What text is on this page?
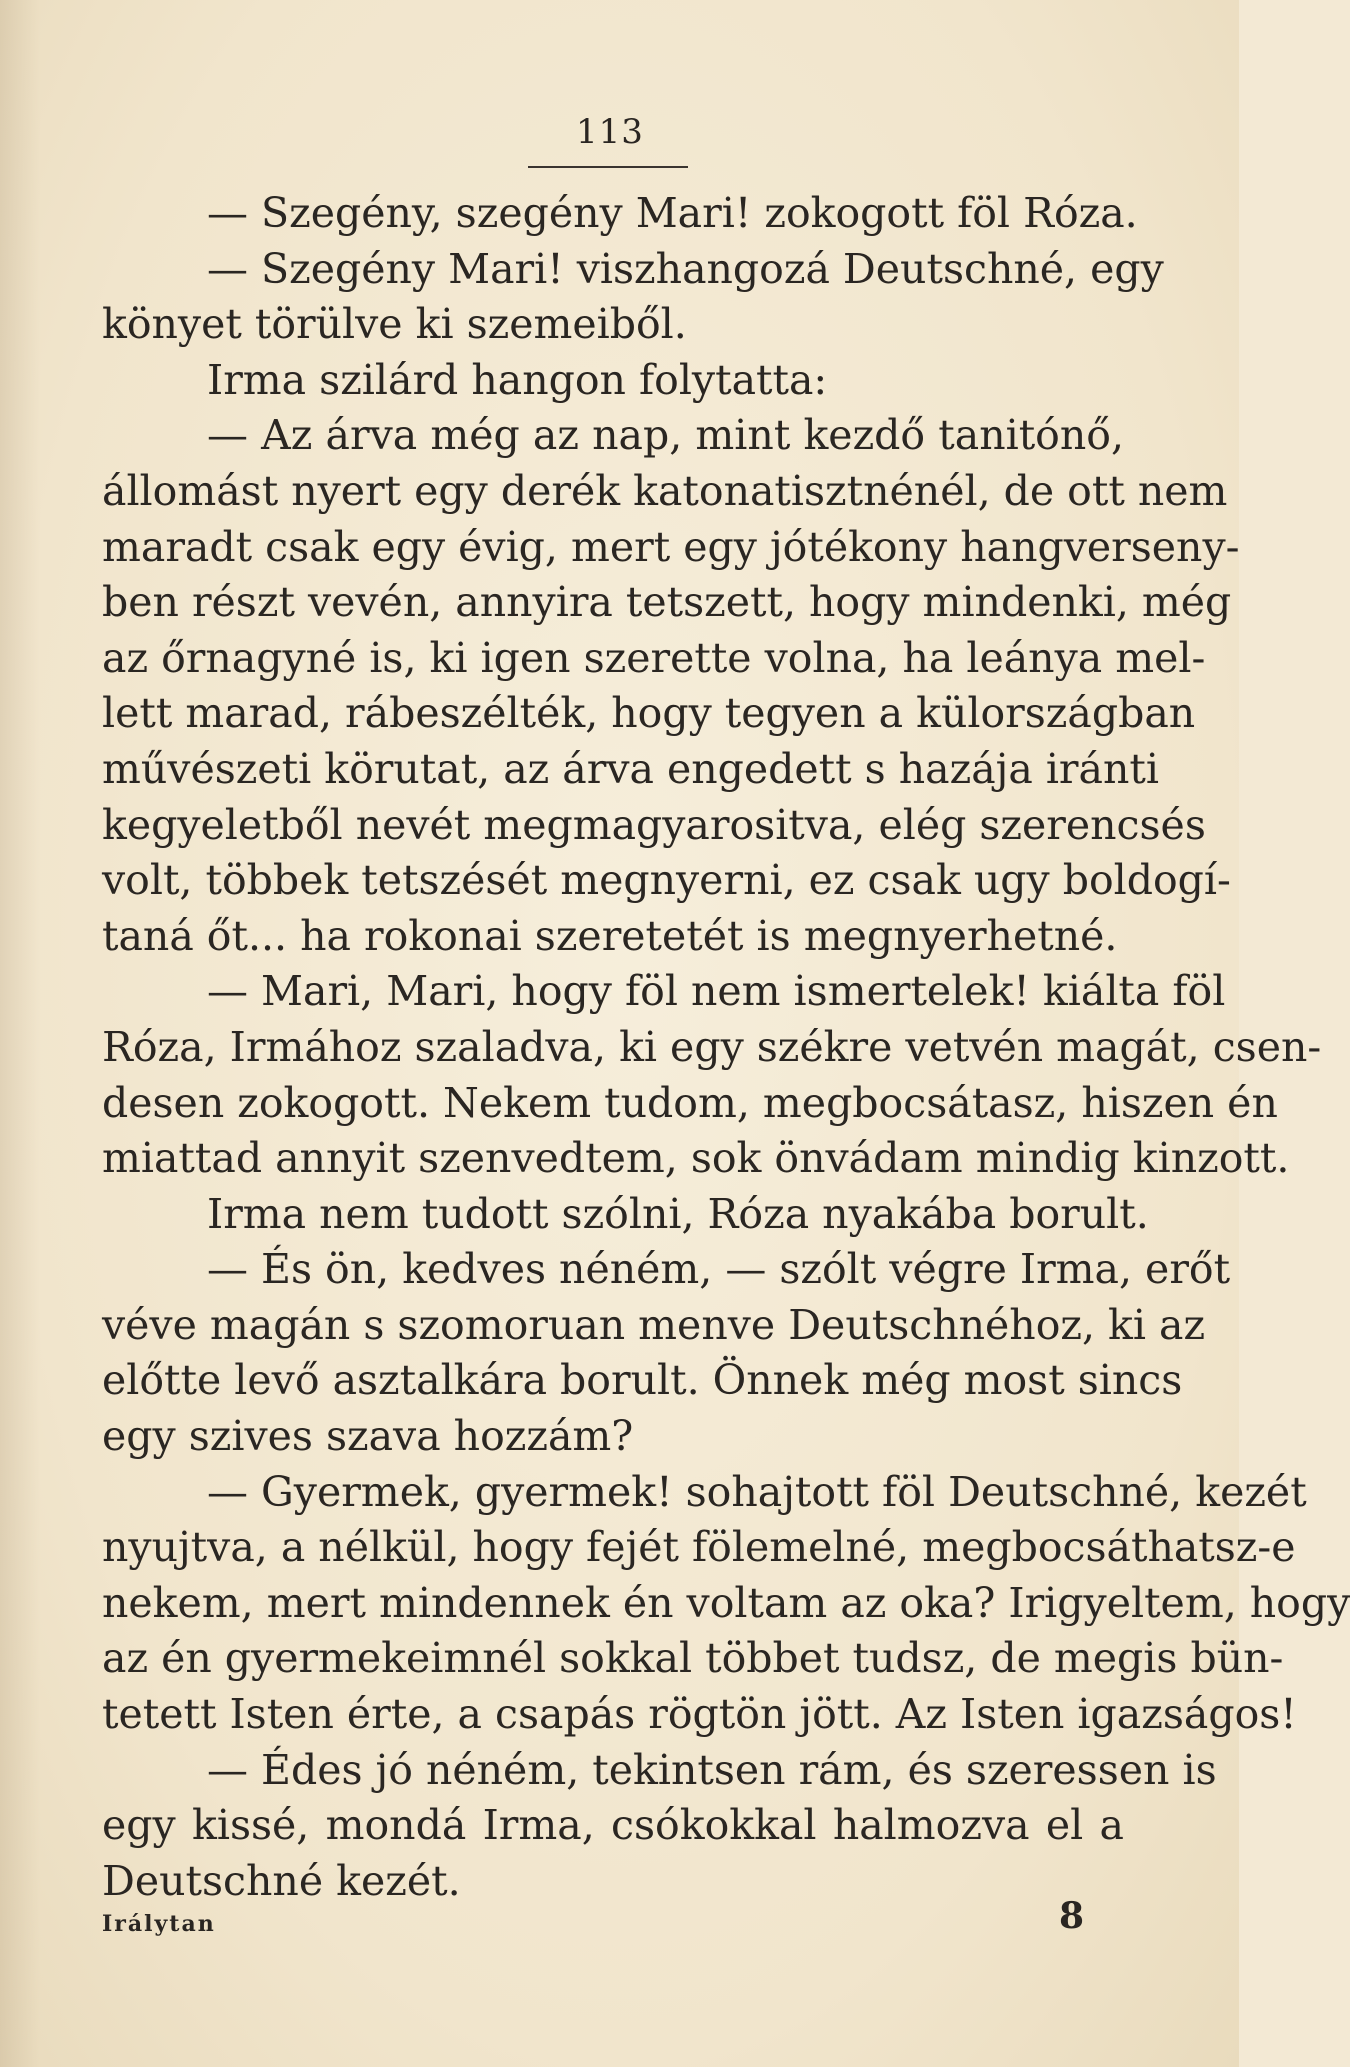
113
— Szegény, szegény Mari! zokogott föl Róza.
— Szegény Mari! viszhangozá Deutschné, egy
könyet törülve ki szemeiből.
Irma szilárd hangon folytatta:
— Az árva még az nap, mint kezdő tanitónő,
állomást nyert egy derék katonatisztnénél, de ott nem
maradt csak egy évig, mert egy jótékony hangverseny-
ben részt vevén, annyira tetszett, hogy mindenki, még
az őrnagyné is, ki igen szerette volna, ha leánya mel-
lett marad, rábeszélték, hogy tegyen a külországban
művészeti körutat, az árva engedett s hazája iránti
kegyeletből nevét megmagyarositva, elég szerencsés
volt, többek tetszését megnyerni, ez csak ugy boldogí-
taná őt... ha rokonai szeretetét is megnyerhetné.
— Mari, Mari, hogy föl nem ismertelek! kiálta föl
Róza, Irmához szaladva, ki egy székre vetvén magát, csen-
desen zokogott. Nekem tudom, megbocsátasz, hiszen én
miattad annyit szenvedtem, sok önvádam mindig kinzott.
Irma nem tudott szólni, Róza nyakába borult.
— És ön, kedves néném, — szólt végre Irma, erőt
véve magán s szomoruan menve Deutschnéhoz, ki az
előtte levő asztalkára borult. Önnek még most sincs
egy szives szava hozzám?
— Gyermek, gyermek! sohajtott föl Deutschné, kezét
nyujtva, a nélkül, hogy fejét fölemelné, megbocsáthatsz-e
nekem, mert mindennek én voltam az oka? Irigyeltem, hogy
az én gyermekeimnél sokkal többet tudsz, de megis bün-
tetett Isten érte, a csapás rögtön jött. Az Isten igazságos!
— Édes jó néném, tekintsen rám, és szeressen is
egy kissé, mondá Irma, csókokkal halmozva el a
Deutschné kezét.
Irálytan	8
